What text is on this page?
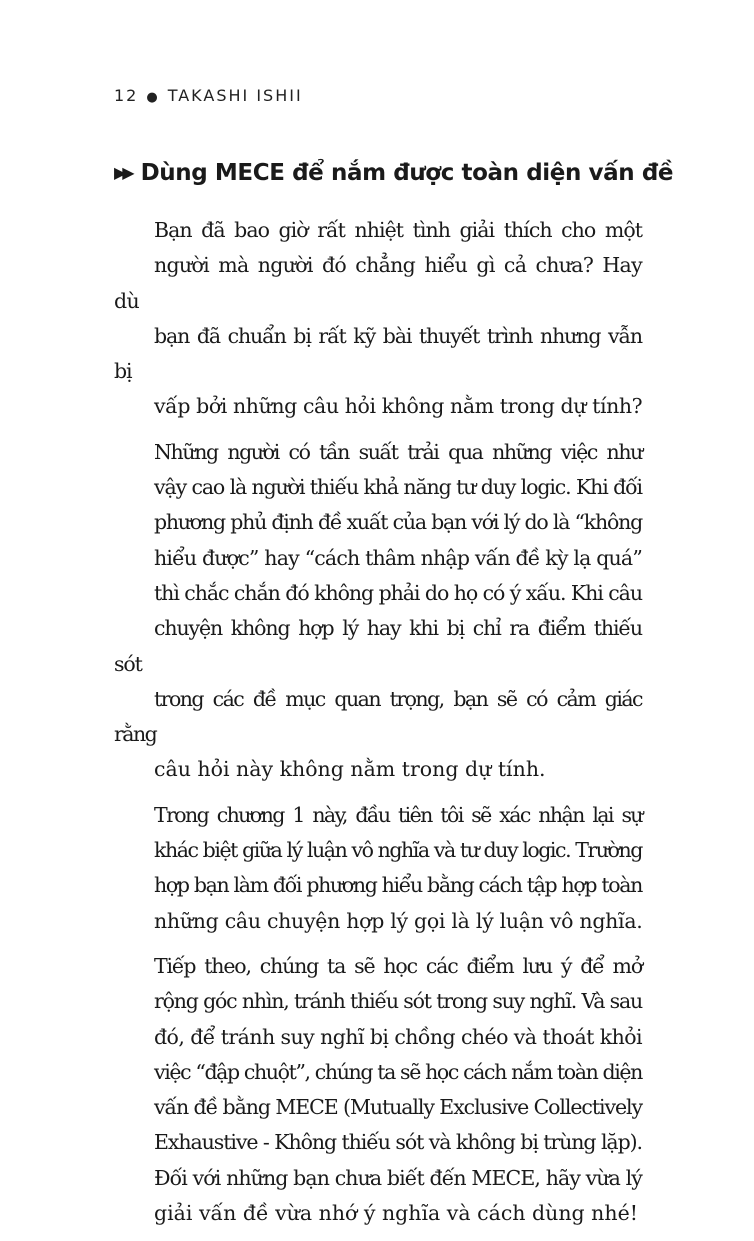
12 ● TAKASHI ISHII
▶▶ Dùng MECE để nắm được toàn diện vấn đề

Bạn đã bao giờ rất nhiệt tình giải thích cho một
người mà người đó chẳng hiểu gì cả chưa? Hay dù
bạn đã chuẩn bị rất kỹ bài thuyết trình nhưng vẫn bị
vấp bởi những câu hỏi không nằm trong dự tính?

Những người có tần suất trải qua những việc như
vậy cao là người thiếu khả năng tư duy logic. Khi đối
phương phủ định đề xuất của bạn với lý do là “không
hiểu được” hay “cách thâm nhập vấn đề kỳ lạ quá”
thì chắc chắn đó không phải do họ có ý xấu. Khi câu
chuyện không hợp lý hay khi bị chỉ ra điểm thiếu sót
trong các đề mục quan trọng, bạn sẽ có cảm giác rằng
câu hỏi này không nằm trong dự tính.

Trong chương 1 này, đầu tiên tôi sẽ xác nhận lại sự
khác biệt giữa lý luận vô nghĩa và tư duy logic. Trường
hợp bạn làm đối phương hiểu bằng cách tập hợp toàn
những câu chuyện hợp lý gọi là lý luận vô nghĩa.

Tiếp theo, chúng ta sẽ học các điểm lưu ý để mở
rộng góc nhìn, tránh thiếu sót trong suy nghĩ. Và sau
đó, để tránh suy nghĩ bị chồng chéo và thoát khỏi
việc “đập chuột”, chúng ta sẽ học cách nắm toàn diện
vấn đề bằng MECE (Mutually Exclusive Collectively
Exhaustive - Không thiếu sót và không bị trùng lặp).
Đối với những bạn chưa biết đến MECE, hãy vừa lý
giải vấn đề vừa nhớ ý nghĩa và cách dùng nhé!
